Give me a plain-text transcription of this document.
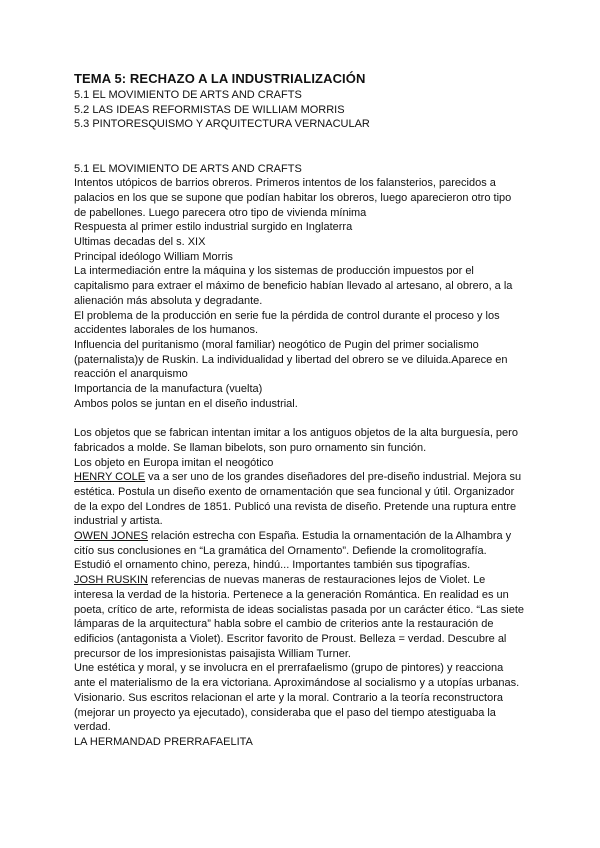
TEMA 5: RECHAZO A LA INDUSTRIALIZACIÓN
5.1 EL MOVIMIENTO DE ARTS AND CRAFTS
5.2 LAS IDEAS REFORMISTAS DE WILLIAM MORRIS
5.3 PINTORESQUISMO Y ARQUITECTURA VERNACULAR
5.1 EL MOVIMIENTO DE ARTS AND CRAFTS
Intentos utópicos de barrios obreros. Primeros intentos de los falansterios, parecidos a
palacios en los que se supone que podían habitar los obreros, luego aparecieron otro tipo
de pabellones. Luego parecera otro tipo de vivienda mínima
Respuesta al primer estilo industrial surgido en Inglaterra
Ultimas decadas del s. XIX
Principal ideólogo William Morris
La intermediación entre la máquina y los sistemas de producción impuestos por el
capitalismo para extraer el máximo de beneficio habían llevado al artesano, al obrero, a la
alienación más absoluta y degradante.
El problema de la producción en serie fue la pérdida de control durante el proceso y los
accidentes laborales de los humanos.
Influencia del puritanismo (moral familiar) neogótico de Pugin del primer socialismo
(paternalista)y de Ruskin. La individualidad y libertad del obrero se ve diluida.Aparece en
reacción el anarquismo
Importancia de la manufactura (vuelta)
Ambos polos se juntan en el diseño industrial.
Los objetos que se fabrican intentan imitar a los antiguos objetos de la alta burguesía, pero
fabricados a molde. Se llaman bibelots, son puro ornamento sin función.
Los objeto en Europa imitan el neogótico
HENRY COLE va a ser uno de los grandes diseñadores del pre-diseño industrial. Mejora su
estética. Postula un diseño exento de ornamentación que sea funcional y útil. Organizador
de la expo del Londres de 1851. Publicó una revista de diseño. Pretende una ruptura entre
industrial y artista.
OWEN JONES relación estrecha con España. Estudia la ornamentación de la Alhambra y
citío sus conclusiones en “La gramática del Ornamento”. Defiende la cromolitografía.
Estudió el ornamento chino, pereza, hindú... Importantes también sus tipografías.
JOSH RUSKIN referencias de nuevas maneras de restauraciones lejos de Violet. Le
interesa la verdad de la historia. Pertenece a la generación Romántica. En realidad es un
poeta, crítico de arte, reformista de ideas socialistas pasada por un carácter ético. “Las siete
lámparas de la arquitectura” habla sobre el cambio de criterios ante la restauración de
edificios (antagonista a Violet). Escritor favorito de Proust. Belleza = verdad. Descubre al
precursor de los impresionistas paisajista William Turner.
Une estética y moral, y se involucra en el prerrafaelismo (grupo de pintores) y reacciona
ante el materialismo de la era victoriana. Aproximándose al socialismo y a utopías urbanas.
Visionario. Sus escritos relacionan el arte y la moral. Contrario a la teoría reconstructora
(mejorar un proyecto ya ejecutado), consideraba que el paso del tiempo atestiguaba la
verdad.
LA HERMANDAD PRERRAFAELITA
